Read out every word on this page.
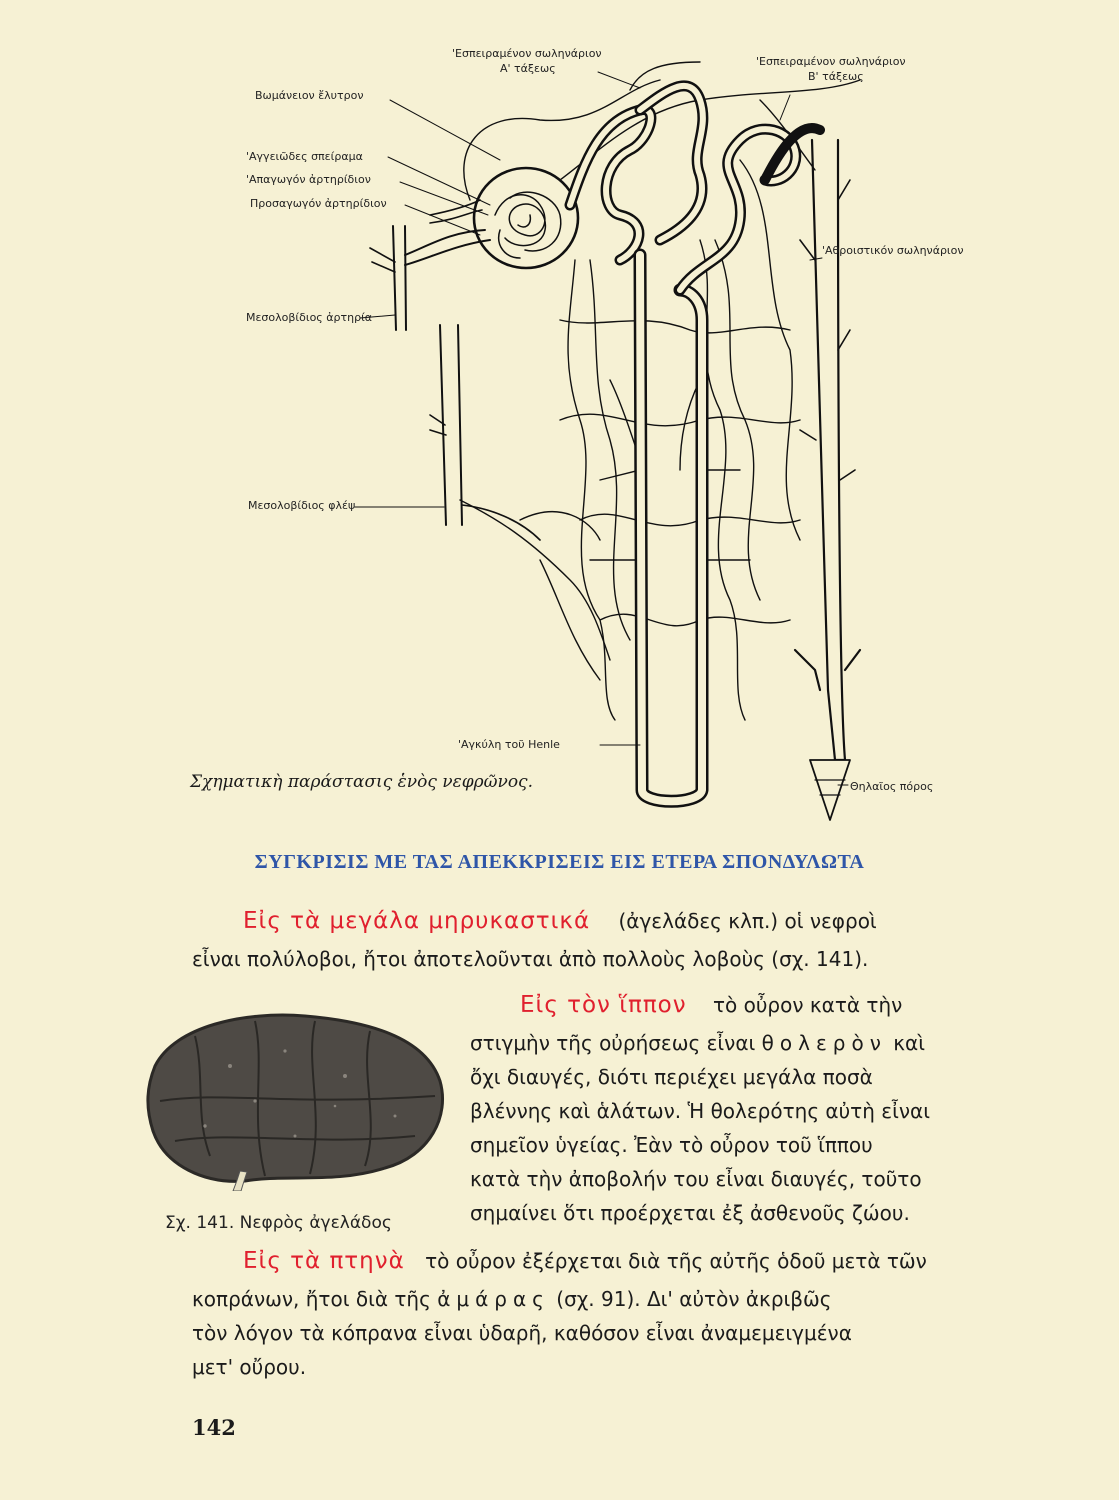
'Εσπειραμένον σωληνάριον
Α' τάξεως
'Εσπειραμένον σωληνάριον
Β' τάξεως
Βωμάνειον ἔλυτρον
'Αγγειῶδες σπείραμα
'Απαγωγόν ἀρτηρίδιον
Προσαγωγόν ἀρτηρίδιον
Μεσολοβίδιος ἀρτηρία
'Αθροιστικόν σωληνάριον
Μεσολοβίδιος φλέψ
'Αγκύλη τοῦ Henle
Θηλαῖος πόρος
Σχηματικὴ παράστασις ἑνὸς νεφρῶνος.
ΣΥΓΚΡΙΣΙΣ ΜΕ ΤΑΣ ΑΠΕΚΚΡΙΣΕΙΣ ΕΙΣ ΕΤΕΡΑ ΣΠΟΝΔΥΛΩΤΑ
Εἰς τὰ μεγάλα μηρυκαστικά (ἀγελάδες κλπ.) οἱ νεφροὶ
εἶναι πολύλοβοι, ἤτοι ἀποτελοῦνται ἀπὸ πολλοὺς λοβοὺς (σχ. 141).
Σχ. 141. Νεφρὸς ἀγελάδος
Εἰς τὸν ἵππον τὸ οὖρον κατὰ τὴν
στιγμὴν τῆς οὐρήσεως εἶναι θολερὸν καὶ
ὄχι διαυγές, διότι περιέχει μεγάλα ποσὰ
βλέννης καὶ ἁλάτων. Ἡ θολερότης αὐτὴ εἶναι
σημεῖον ὑγείας. Ἐὰν τὸ οὖρον τοῦ ἵππου
κατὰ τὴν ἀποβολήν του εἶναι διαυγές, τοῦτο
σημαίνει ὅτι προέρχεται ἐξ ἀσθενοῦς ζώου.
Εἰς τὰ πτηνὰ τὸ οὖρον ἐξέρχεται διὰ τῆς αὐτῆς ὁδοῦ μετὰ τῶν
κοπράνων, ἤτοι διὰ τῆς ἀμάρας (σχ. 91). Δι' αὐτὸν ἀκριβῶς
τὸν λόγον τὰ κόπρανα εἶναι ὑδαρῆ, καθόσον εἶναι ἀναμεμειγμένα
μετ' οὔρου.
142
